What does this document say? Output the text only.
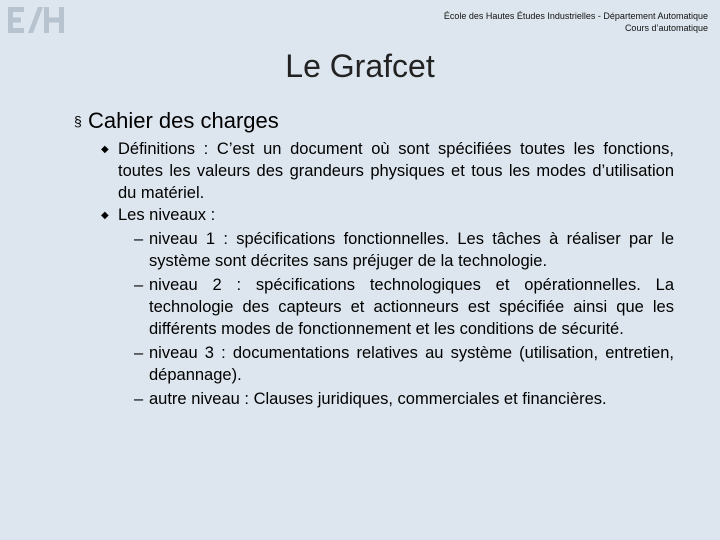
École des Hautes Études Industrielles - Département Automatique
Cours d’automatique
Le Grafcet
§ Cahier des charges
◆ Définitions : C’est un document où sont spécifiées toutes les fonctions, toutes les valeurs des grandeurs physiques et tous les modes d’utilisation du matériel.
◆ Les niveaux :
– niveau 1 : spécifications fonctionnelles. Les tâches à réaliser par le système sont décrites sans préjuger de la technologie.
– niveau 2 : spécifications technologiques et opérationnelles. La technologie des capteurs et actionneurs est spécifiée ainsi que les différents modes de fonctionnement et les conditions de sécurité.
– niveau 3 : documentations relatives au système (utilisation, entretien, dépannage).
– autre niveau : Clauses juridiques, commerciales et financières.
